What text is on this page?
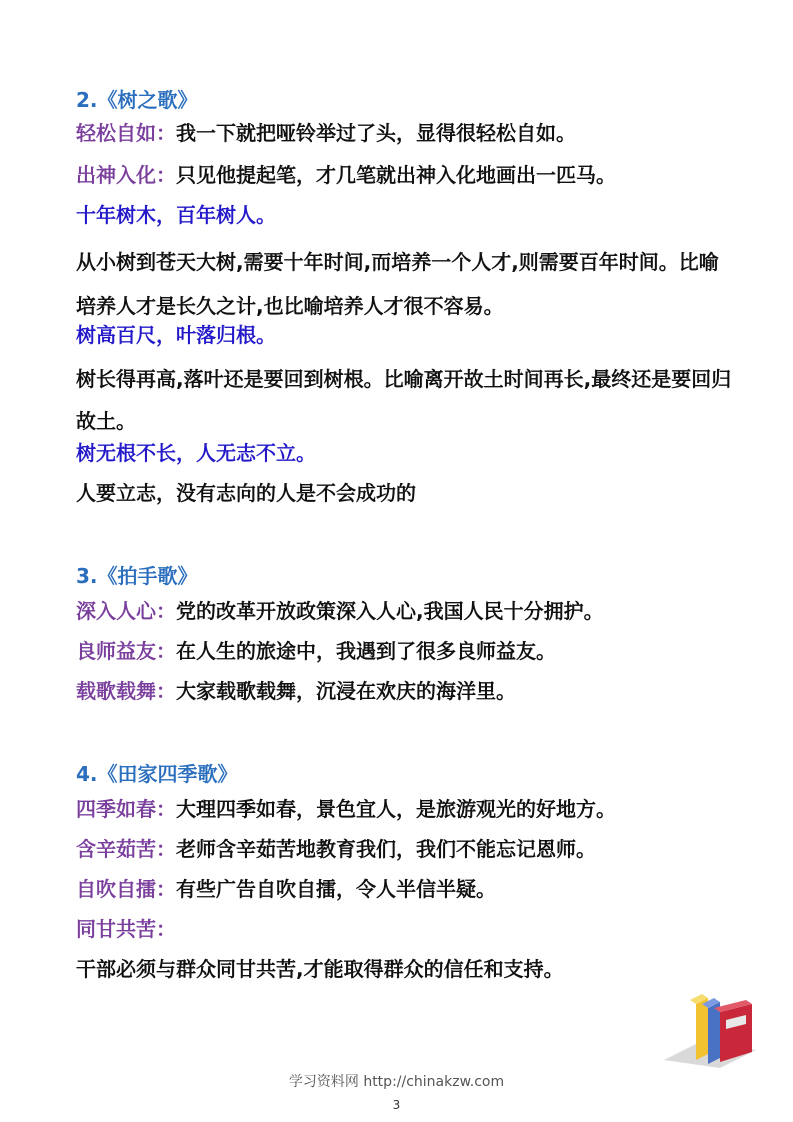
2.《树之歌》
轻松自如：我一下就把哑铃举过了头，显得很轻松自如。
出神入化：只见他提起笔，才几笔就出神入化地画出一匹马。
十年树木，百年树人。
从小树到苍天大树,需要十年时间,而培养一个人才,则需要百年时间。比喻培养人才是长久之计,也比喻培养人才很不容易。
树高百尺，叶落归根。
树长得再高,落叶还是要回到树根。比喻离开故土时间再长,最终还是要回归故土。
树无根不长，人无志不立。
人要立志，没有志向的人是不会成功的
3.《拍手歌》
深入人心：党的改革开放政策深入人心,我国人民十分拥护。
良师益友：在人生的旅途中，我遇到了很多良师益友。
载歌载舞：大家载歌载舞，沉浸在欢庆的海洋里。
4.《田家四季歌》
四季如春：大理四季如春，景色宜人，是旅游观光的好地方。
含辛茹苦：老师含辛茹苦地教育我们，我们不能忘记恩师。
自吹自擂：有些广告自吹自擂，令人半信半疑。
同甘共苦：
干部必须与群众同甘共苦,才能取得群众的信任和支持。
学习资料网 http://chinakzw.com
3
